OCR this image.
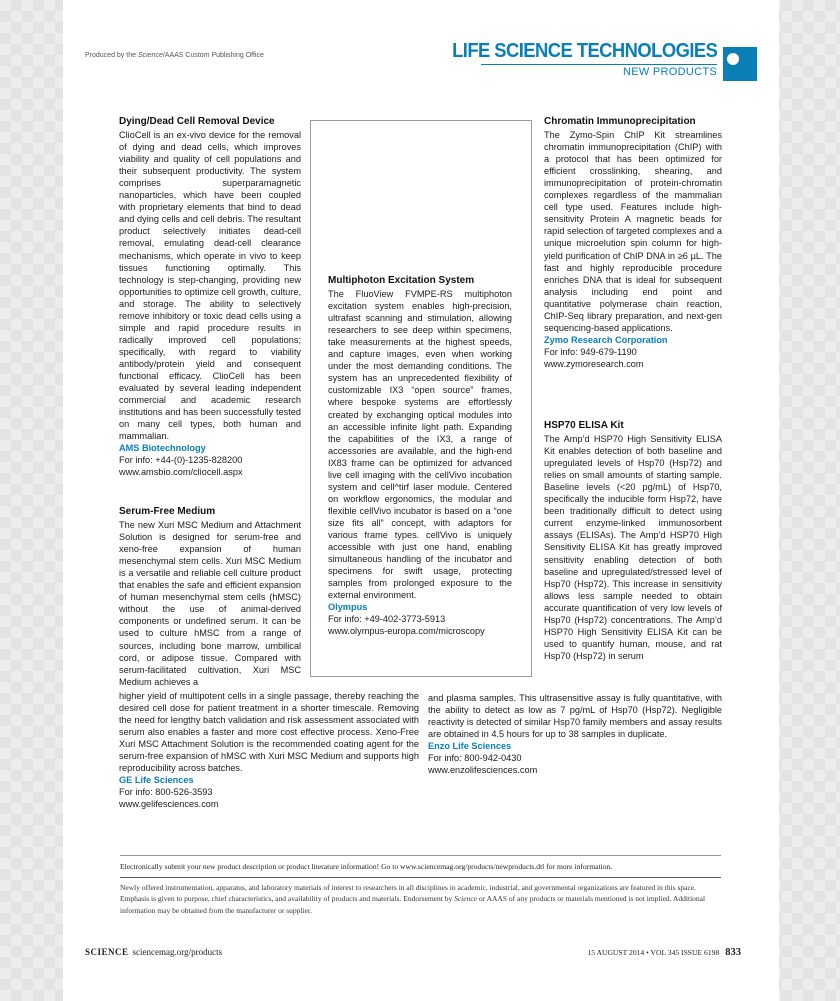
Produced by the Science/AAAS Custom Publishing Office	LIFE SCIENCE TECHNOLOGIES
NEW PRODUCTS
Dying/Dead Cell Removal Device

ClioCell is an ex-vivo device for the removal of dying and dead cells, which improves viability and quality of cell populations and their subsequent productivity. The system comprises superparamagnetic nanoparticles, which have been coupled with proprietary elements that bind to dead and dying cells and cell debris. The resultant product selectively initiates dead-cell removal, emulating dead-cell clearance mechanisms, which operate in vivo to keep tissues functioning optimally. This technology is step-changing, providing new opportunities to optimize cell growth, culture, and storage. The ability to selectively remove inhibitory or toxic dead cells using a simple and rapid procedure results in radically improved cell populations; specifically, with regard to viability antibody/protein yield and consequent functional efficacy. ClioCell has been evaluated by several leading independent commercial and academic research institutions and has been successfully tested on many cell types, both human and mammalian.

AMS Biotechnology
For info: +44-(0)-1235-828200
www.amsbio.com/cliocell.aspx
Serum-Free Medium

The new Xuri MSC Medium and Attachment Solution is designed for serum-free and xeno-free expansion of human mesenchymal stem cells. Xuri MSC Medium is a versatile and reliable cell culture product that enables the safe and efficient expansion of human mesenchymal stem cells (hMSC) without the use of animal-derived components or undefined serum. It can be used to culture hMSC from a range of sources, including bone marrow, umbilical cord, or adipose tissue. Compared with serum-facilitated cultivation, Xuri MSC Medium achieves a

higher yield of multipotent cells in a single passage, thereby reaching the desired cell dose for patient treatment in a shorter timescale. Removing the need for lengthy batch validation and risk assessment associated with serum also enables a faster and more cost effective process. Xeno-Free Xuri MSC Attachment Solution is the recommended coating agent for the serum-free expansion of hMSC with Xuri MSC Medium and supports high reproducibility across batches.

GE Life Sciences
For info: 800-526-3593
www.gelifesciences.com
Multiphoton Excitation System

The FluoView FVMPE-RS multiphoton excitation system enables high-precision, ultrafast scanning and stimulation, allowing researchers to see deep within specimens, take measurements at the highest speeds, and capture images, even when working under the most demanding conditions. The system has an unprecedented flexibility of customizable IX3 “open source” frames, where bespoke systems are effortlessly created by exchanging optical modules into an accessible infinite light path. Expanding the capabilities of the IX3, a range of accessories are available, and the high-end IX83 frame can be optimized for advanced live cell imaging with the cellVivo incubation system and cell^tirf laser module. Centered on workflow ergonomics, the modular and flexible cellVivo incubator is based on a “one size fits all” concept, with adaptors for various frame types. cellVivo is uniquely accessible with just one hand, enabling simultaneous handling of the incubator and specimens for swift usage, protecting samples from prolonged exposure to the external environment.

Olympus
For info: +49-402-3773-5913
www.olympus-europa.com/microscopy
Chromatin Immunoprecipitation

The Zymo-Spin ChIP Kit streamlines chromatin immunoprecipitation (ChIP) with a protocol that has been optimized for efficient crosslinking, shearing, and immunoprecipitation of protein-chromatin complexes regardless of the mammalian cell type used. Features include high-sensitivity Protein A magnetic beads for rapid selection of targeted complexes and a unique microelution spin column for high-yield purification of ChIP DNA in ≥6 µL. The fast and highly reproducible procedure enriches DNA that is ideal for subsequent analysis including end point and quantitative polymerase chain reaction, ChIP-Seq library preparation, and next-gen sequencing-based applications.

Zymo Research Corporation
For info: 949-679-1190
www.zymoresearch.com
HSP70 ELISA Kit

The Amp’d HSP70 High Sensitivity ELISA Kit enables detection of both baseline and upregulated levels of Hsp70 (Hsp72) and relies on small amounts of starting sample. Baseline levels (<20 pg/mL) of Hsp70, specifically the inducible form Hsp72, have been traditionally difficult to detect using current enzyme-linked immunosorbent assays (ELISAs). The Amp’d HSP70 High Sensitivity ELISA Kit has greatly improved sensitivity enabling detection of both baseline and upregulated/stressed level of Hsp70 (Hsp72). This increase in sensitivity allows less sample needed to obtain accurate quantification of very low levels of Hsp70 (Hsp72) concentrations. The Amp’d HSP70 High Sensitivity ELISA Kit can be used to quantify human, mouse, and rat Hsp70 (Hsp72) in serum

and plasma samples. This ultrasensitive assay is fully quantitative, with the ability to detect as low as 7 pg/mL of Hsp70 (Hsp72). Negligible reactivity is detected of similar Hsp70 family members and assay results are obtained in 4.5 hours for up to 38 samples in duplicate.

Enzo Life Sciences
For info: 800-942-0430
www.enzolifesciences.com
Electronically submit your new product description or product literature information! Go to www.sciencemag.org/products/newproducts.dtl for more information.
Newly offered instrumentation, apparatus, and laboratory materials of interest to researchers in all disciplines in academic, industrial, and governmental organizations are featured in this space. Emphasis is given to purpose, chief characteristics, and availability of products and materials. Endorsement by Science or AAAS of any products or materials mentioned is not implied. Additional information may be obtained from the manufacturer or supplier.
SCIENCE sciencemag.org/products	15 AUGUST 2014 • VOL 345 ISSUE 6198 833
